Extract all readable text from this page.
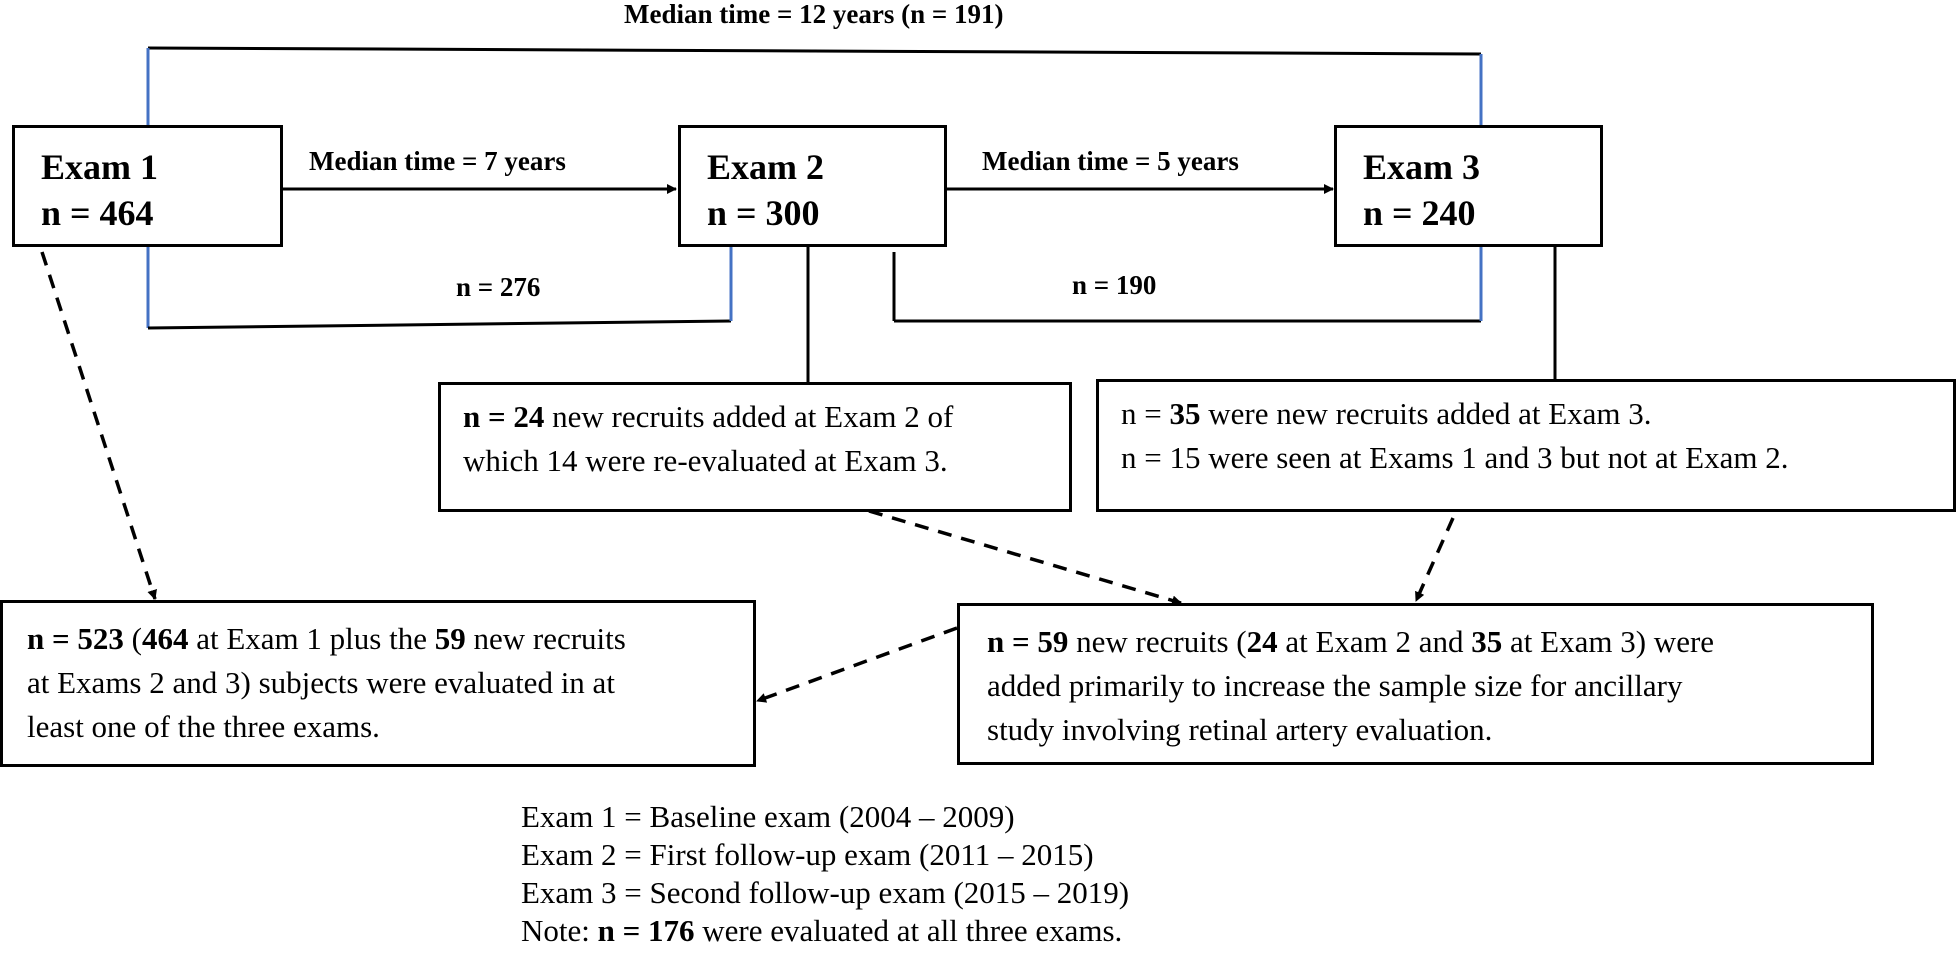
Median time = 12 years (n = 191)
Exam 1
n = 464
Exam 2
n = 300
Exam 3
n = 240
Median time = 7 years	Median time = 5 years
n = 276	n = 190
n = 24 new recruits added at Exam 2 of
which 14 were re-evaluated at Exam 3.
n = 35 were new recruits added at Exam 3.
n = 15 were seen at Exams 1 and 3 but not at Exam 2.
n = 523 (464 at Exam 1 plus the 59 new recruits
at Exams 2 and 3) subjects were evaluated in at
least one of the three exams.
n = 59 new recruits (24 at Exam 2 and 35 at Exam 3) were
added primarily to increase the sample size for ancillary
study involving retinal artery evaluation.
Exam 1 = Baseline exam (2004 – 2009)
Exam 2 = First follow-up exam (2011 – 2015)
Exam 3 = Second follow-up exam (2015 – 2019)
Note: n = 176 were evaluated at all three exams.
